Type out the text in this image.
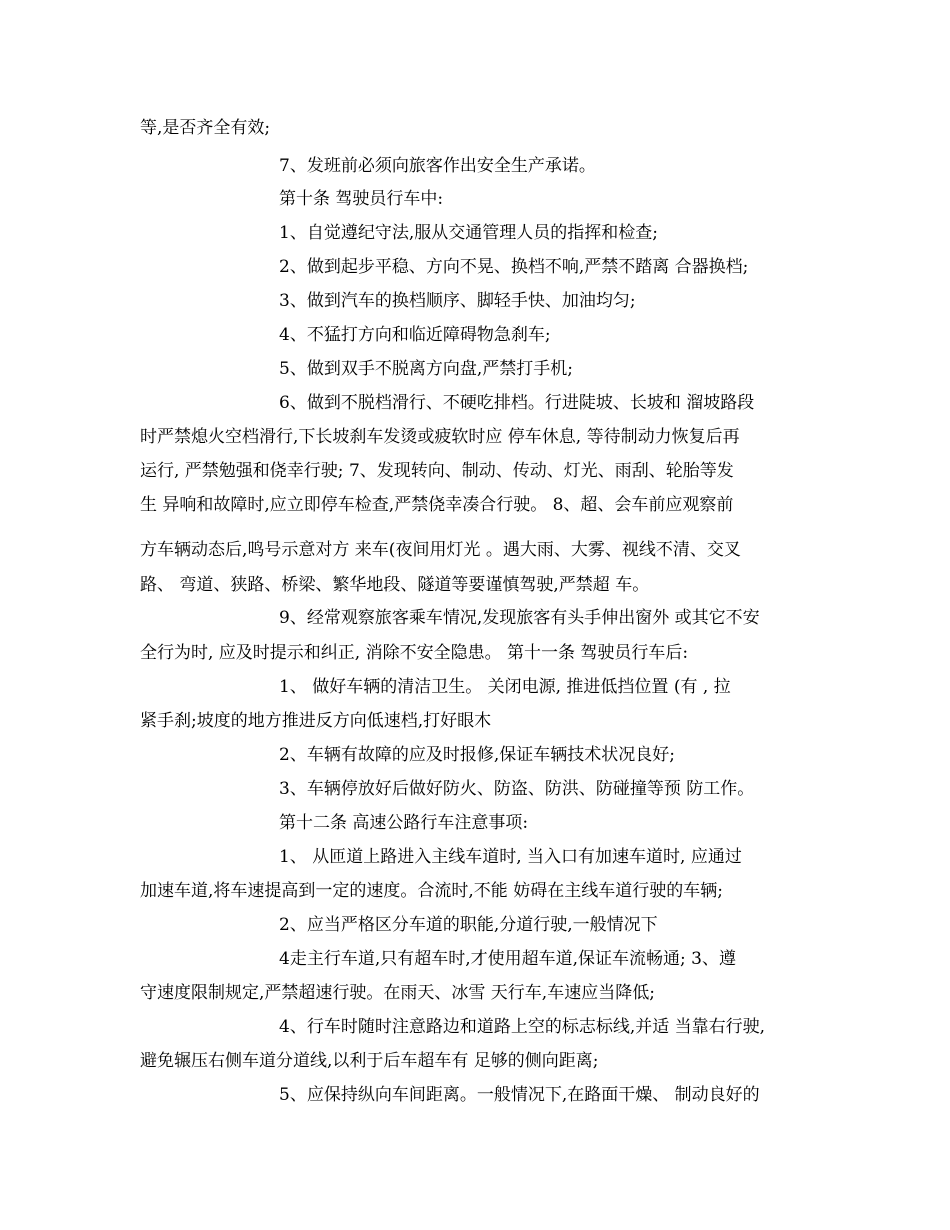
等,是否齐全有效;
7、发班前必须向旅客作出安全生产承诺。
第十条 驾驶员行车中:
1、自觉遵纪守法,服从交通管理人员的指挥和检查;
2、做到起步平稳、方向不晃、换档不响,严禁不踏离 合器换档;
3、做到汽车的换档顺序、脚轻手快、加油均匀;
4、不猛打方向和临近障碍物急刹车;
5、做到双手不脱离方向盘,严禁打手机;
6、做到不脱档滑行、不硬吃排档。行进陡坡、长坡和 溜坡路段
时严禁熄火空档滑行,下长坡刹车发烫或疲软时应 停车休息, 等待制动力恢复后再
运行, 严禁勉强和侥幸行驶; 7、发现转向、制动、传动、灯光、雨刮、轮胎等发
生 异响和故障时,应立即停车检查,严禁侥幸凑合行驶。 8、超、会车前应观察前
方车辆动态后,鸣号示意对方 来车(夜间用灯光 。遇大雨、大雾、视线不清、交叉
路、 弯道、狭路、桥梁、繁华地段、隧道等要谨慎驾驶,严禁超 车。
9、经常观察旅客乘车情况,发现旅客有头手伸出窗外 或其它不安
全行为时, 应及时提示和纠正, 消除不安全隐患。 第十一条 驾驶员行车后:
1、 做好车辆的清洁卫生。 关闭电源, 推进低挡位置 (有 , 拉
紧手刹;坡度的地方推进反方向低速档,打好眼木
2、车辆有故障的应及时报修,保证车辆技术状况良好;
3、车辆停放好后做好防火、防盗、防洪、防碰撞等预 防工作。
第十二条 高速公路行车注意事项:
1、 从匝道上路进入主线车道时, 当入口有加速车道时, 应通过
加速车道,将车速提高到一定的速度。合流时,不能 妨碍在主线车道行驶的车辆;
2、应当严格区分车道的职能,分道行驶,一般情况下
4走主行车道,只有超车时,才使用超车道,保证车流畅通; 3、遵
守速度限制规定,严禁超速行驶。在雨天、冰雪 天行车,车速应当降低;
4、行车时随时注意路边和道路上空的标志标线,并适 当靠右行驶,
避免辗压右侧车道分道线,以利于后车超车有 足够的侧向距离;
5、应保持纵向车间距离。一般情况下,在路面干燥、 制动良好的
